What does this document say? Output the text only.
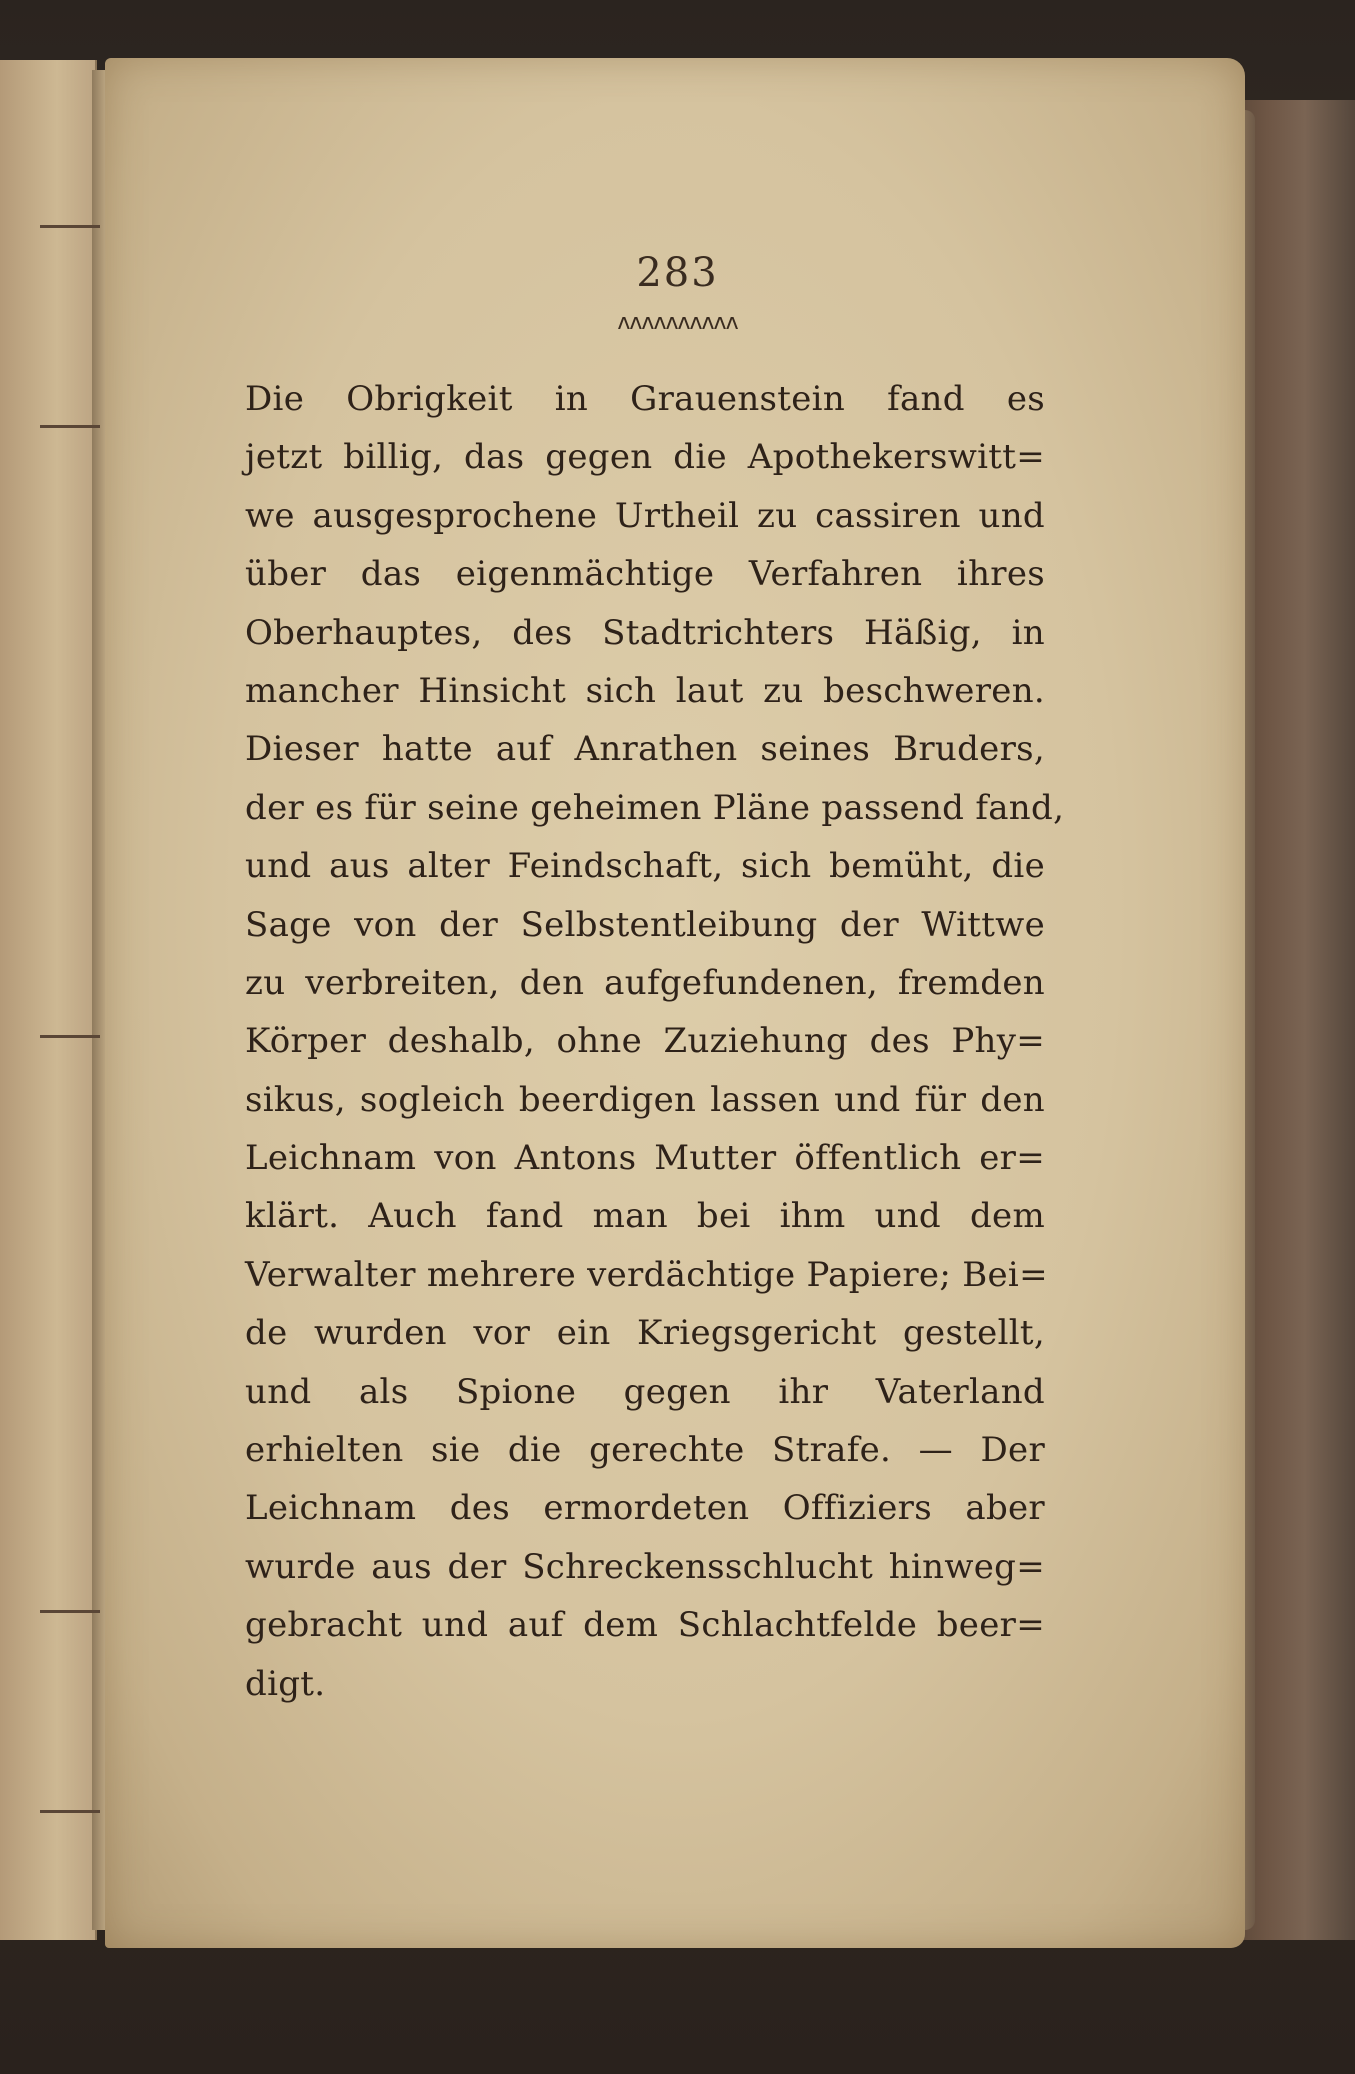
283
ᴧᴧᴧᴧᴧᴧᴧᴧᴧᴧ
Die Obrigkeit in Grauenstein fand es
jetzt billig, das gegen die Apothekerswitt=
we ausgesprochene Urtheil zu cassiren und
über das eigenmächtige Verfahren ihres
Oberhauptes, des Stadtrichters Häßig, in
mancher Hinsicht sich laut zu beschweren.
Dieser hatte auf Anrathen seines Bruders,
der es für seine geheimen Pläne passend fand,
und aus alter Feindschaft, sich bemüht, die
Sage von der Selbstentleibung der Wittwe
zu verbreiten, den aufgefundenen, fremden
Körper deshalb, ohne Zuziehung des Phy=
sikus, sogleich beerdigen lassen und für den
Leichnam von Antons Mutter öffentlich er=
klärt. Auch fand man bei ihm und dem
Verwalter mehrere verdächtige Papiere; Bei=
de wurden vor ein Kriegsgericht gestellt,
und als Spione gegen ihr Vaterland
erhielten sie die gerechte Strafe. — Der
Leichnam des ermordeten Offiziers aber
wurde aus der Schreckensschlucht hinweg=
gebracht und auf dem Schlachtfelde beer=
digt.
